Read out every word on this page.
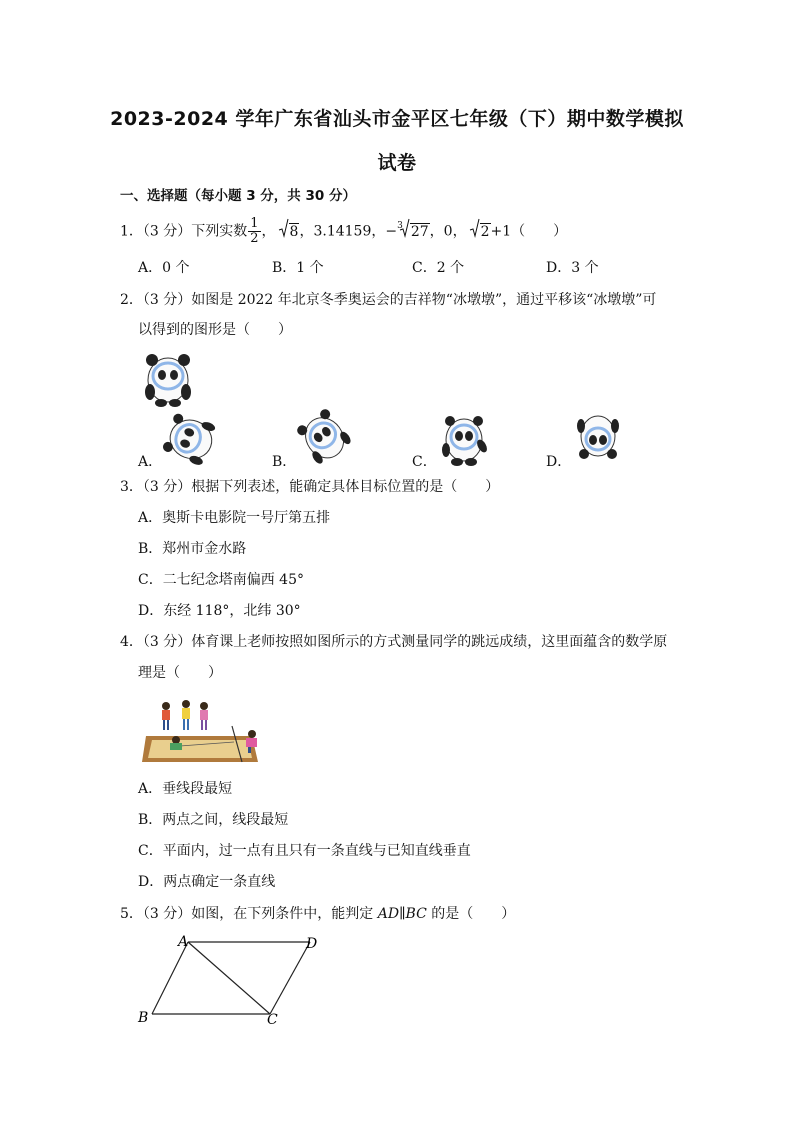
2023-2024 学年广东省汕头市金平区七年级（下）期中数学模拟
试卷
一、选择题（每小题 3 分，共 30 分）
1．（3 分）下列实数 $\frac{1}{2}$ ， 8，3.14159，−$^3$ 27，0， 2+1（　　）
A．0 个	B．1 个	C．2 个	D．3 个
2．（3 分）如图是 2022 年北京冬季奥运会的吉祥物“冰墩墩”，通过平移该“冰墩墩”可
以得到的图形是（　　）
A．	B．	C．	D．
3．（3 分）根据下列表述，能确定具体目标位置的是（　　）
A．奥斯卡电影院一号厅第五排
B．郑州市金水路
C．二七纪念塔南偏西 45°
D．东经 118°，北纬 30°
4．（3 分）体育课上老师按照如图所示的方式测量同学的跳远成绩，这里面蕴含的数学原
理是（　　）
A．垂线段最短
B．两点之间，线段最短
C．平面内，过一点有且只有一条直线与已知直线垂直
D．两点确定一条直线
5．（3 分）如图，在下列条件中，能判定 AD∥BC 的是（　　）
A	D
B	C
